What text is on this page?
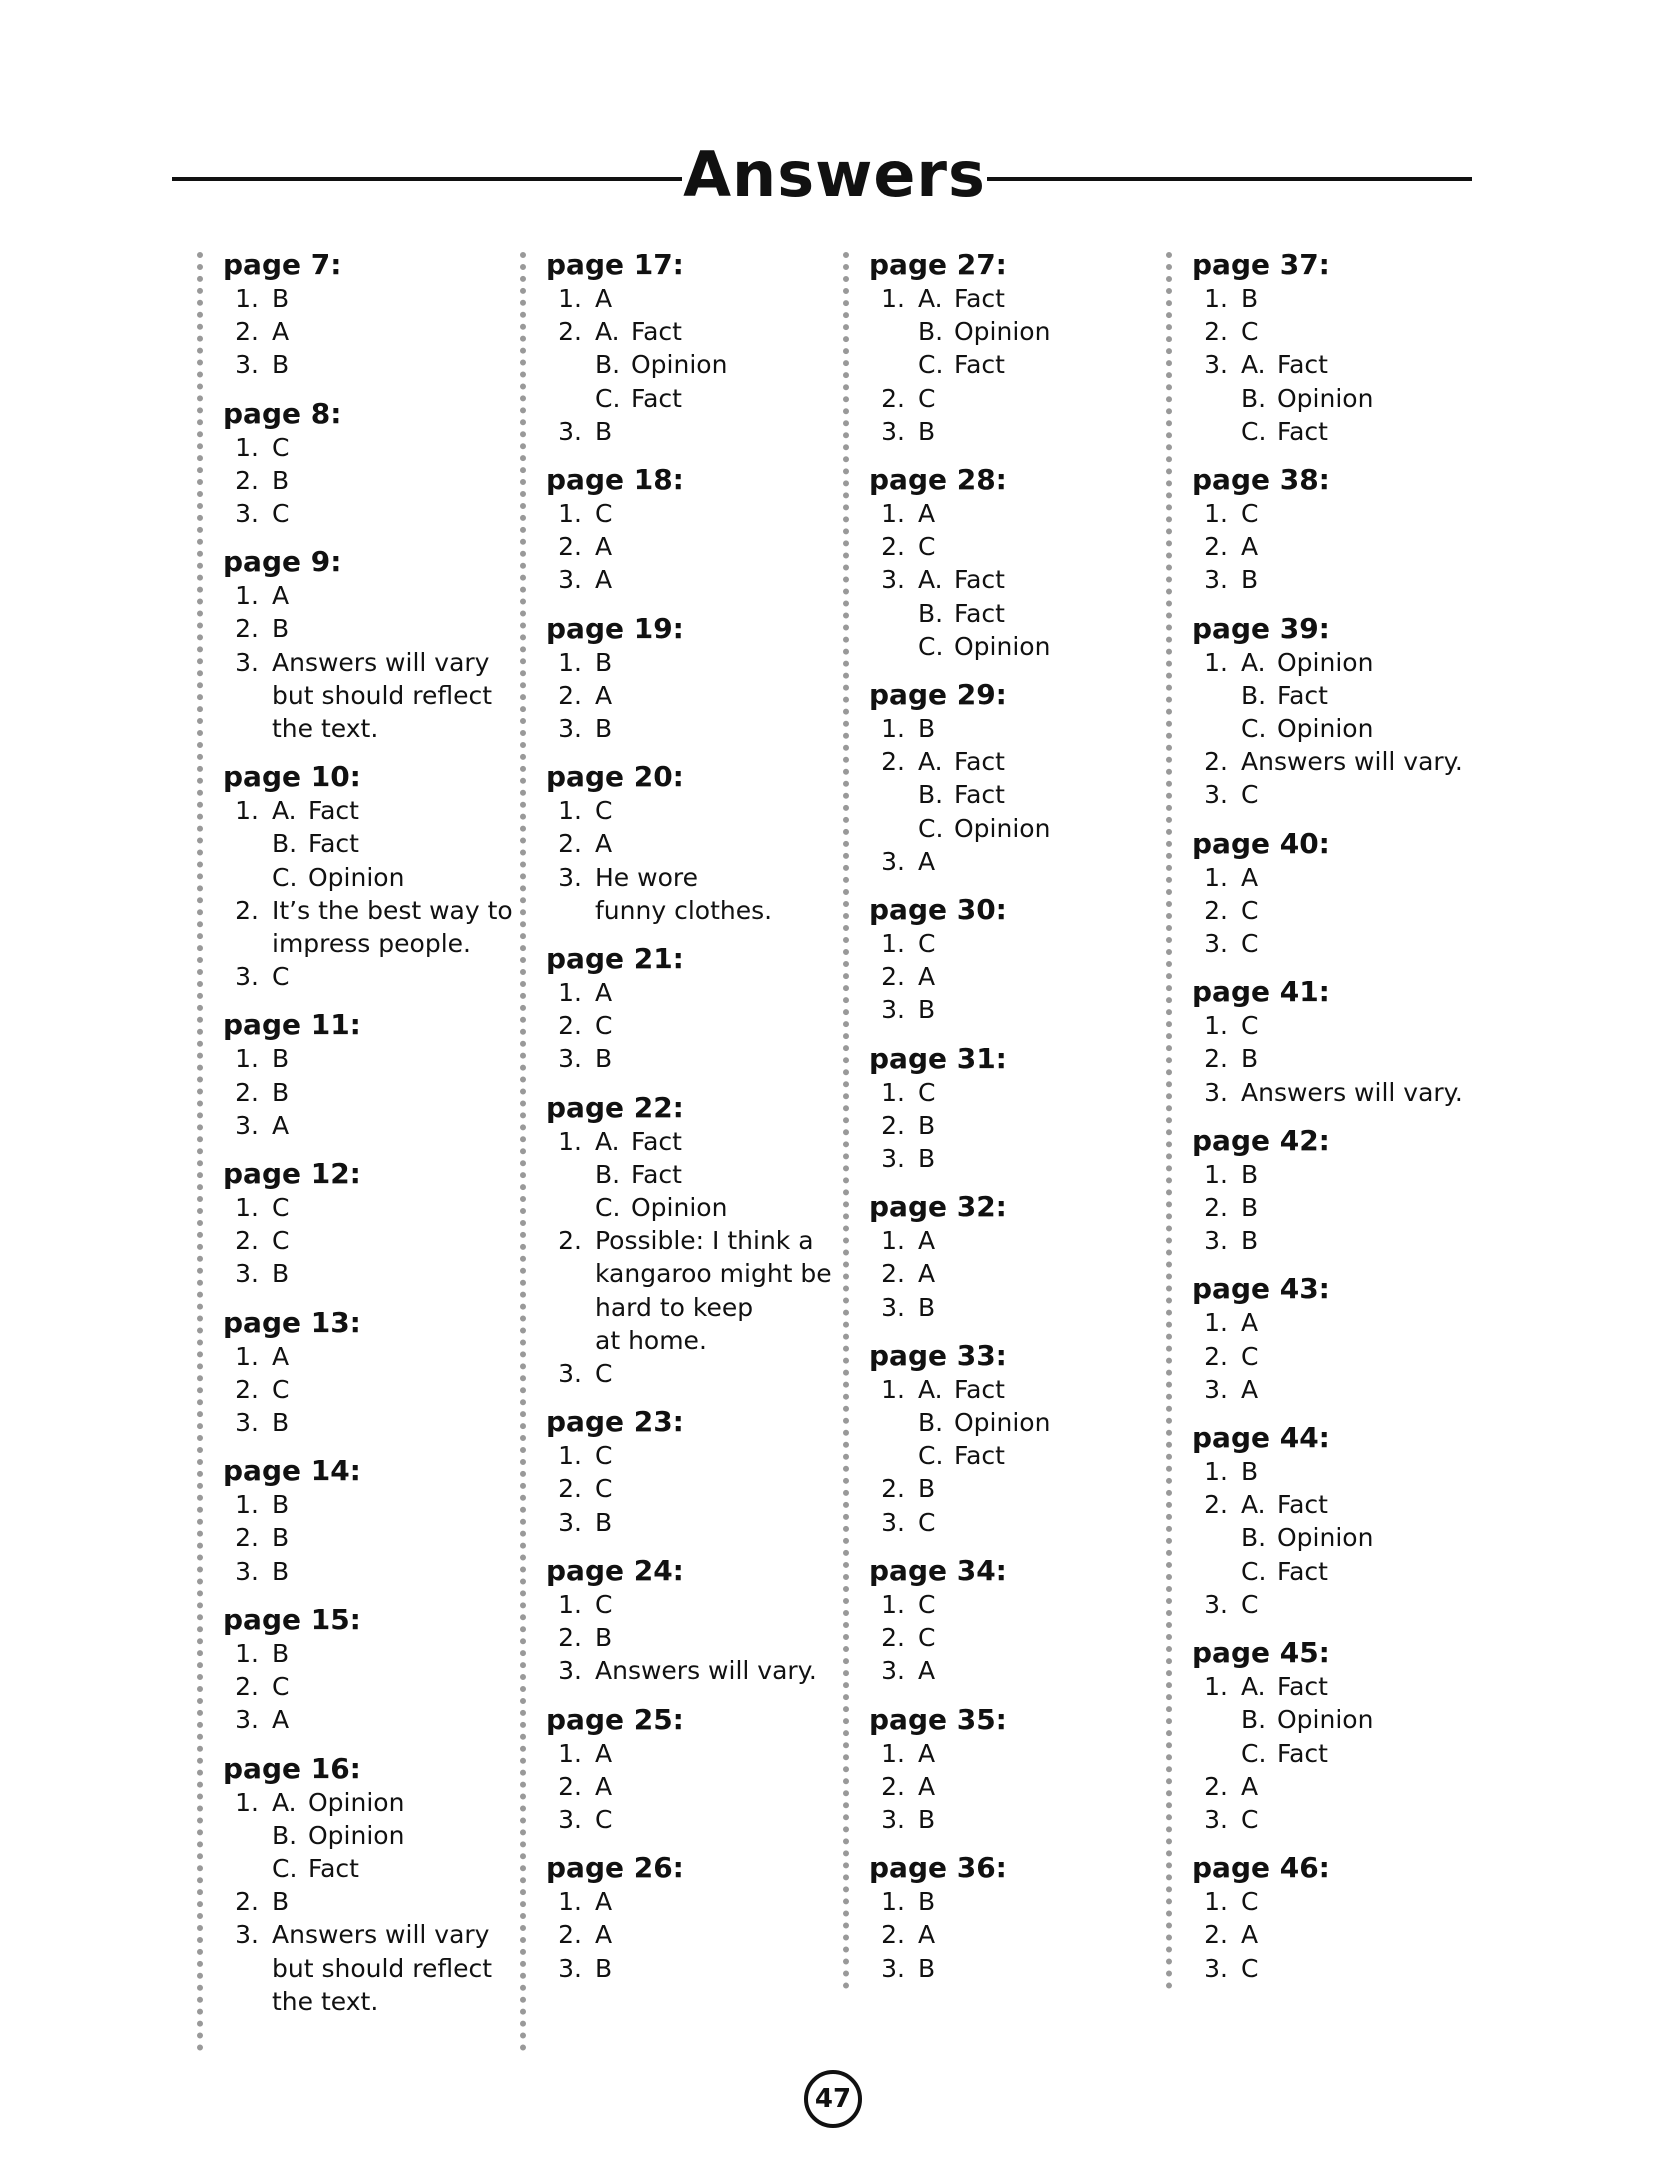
Answers
page 7:
1. B
2. A
3. B
page 8:
1. C
2. B
3. C
page 9:
1. A
2. B
3. Answers will vary
but should reflect
the text.
page 10:
1. A. Fact
B. Fact
C. Opinion
2. It’s the best way to
impress people.
3. C
page 11:
1. B
2. B
3. A
page 12:
1. C
2. C
3. B
page 13:
1. A
2. C
3. B
page 14:
1. B
2. B
3. B
page 15:
1. B
2. C
3. A
page 16:
1. A. Opinion
B. Opinion
C. Fact
2. B
3. Answers will vary
but should reflect
the text.
page 17:
1. A
2. A. Fact
B. Opinion
C. Fact
3. B
page 18:
1. C
2. A
3. A
page 19:
1. B
2. A
3. B
page 20:
1. C
2. A
3. He wore
funny clothes.
page 21:
1. A
2. C
3. B
page 22:
1. A. Fact
B. Fact
C. Opinion
2. Possible: I think a
kangaroo might be
hard to keep
at home.
3. C
page 23:
1. C
2. C
3. B
page 24:
1. C
2. B
3. Answers will vary.
page 25:
1. A
2. A
3. C
page 26:
1. A
2. A
3. B
page 27:
1. A. Fact
B. Opinion
C. Fact
2. C
3. B
page 28:
1. A
2. C
3. A. Fact
B. Fact
C. Opinion
page 29:
1. B
2. A. Fact
B. Fact
C. Opinion
3. A
page 30:
1. C
2. A
3. B
page 31:
1. C
2. B
3. B
page 32:
1. A
2. A
3. B
page 33:
1. A. Fact
B. Opinion
C. Fact
2. B
3. C
page 34:
1. C
2. C
3. A
page 35:
1. A
2. A
3. B
page 36:
1. B
2. A
3. B
page 37:
1. B
2. C
3. A. Fact
B. Opinion
C. Fact
page 38:
1. C
2. A
3. B
page 39:
1. A. Opinion
B. Fact
C. Opinion
2. Answers will vary.
3. C
page 40:
1. A
2. C
3. C
page 41:
1. C
2. B
3. Answers will vary.
page 42:
1. B
2. B
3. B
page 43:
1. A
2. C
3. A
page 44:
1. B
2. A. Fact
B. Opinion
C. Fact
3. C
page 45:
1. A. Fact
B. Opinion
C. Fact
2. A
3. C
page 46:
1. C
2. A
3. C
47
